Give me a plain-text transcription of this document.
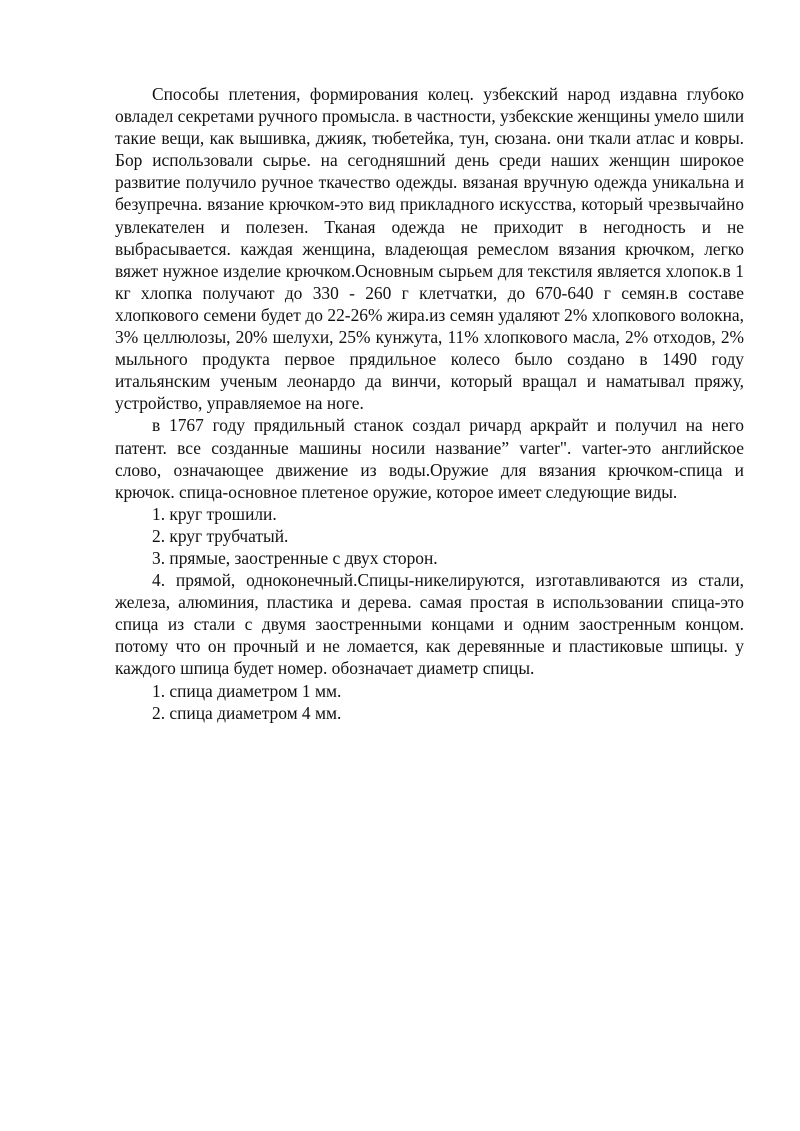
Способы плетения, формирования колец. узбекский народ издавна глубоко овладел секретами ручного промысла. в частности, узбекские женщины умело шили такие вещи, как вышивка, джияк, тюбетейка, тун, сюзана. они ткали атлас и ковры. Бор использовали сырье. на сегодняшний день среди наших женщин широкое развитие получило ручное ткачество одежды. вязаная вручную одежда уникальна и безупречна. вязание крючком-это вид прикладного искусства, который чрезвычайно увлекателен и полезен. Тканая одежда не приходит в негодность и не выбрасывается. каждая женщина, владеющая ремеслом вязания крючком, легко вяжет нужное изделие крючком.Основным сырьем для текстиля является хлопок.в 1 кг хлопка получают до 330 - 260 г клетчатки, до 670-640 г семян.в составе хлопкового семени будет до 22-26% жира.из семян удаляют 2% хлопкового волокна, 3% целлюлозы, 20% шелухи, 25% кунжута, 11% хлопкового масла, 2% отходов, 2% мыльного продукта первое прядильное колесо было создано в 1490 году итальянским ученым леонардо да винчи, который вращал и наматывал пряжу, устройство, управляемое на ноге.

в 1767 году прядильный станок создал ричард аркрайт и получил на него патент. все созданные машины носили название” varter". varter-это английское слово, означающее движение из воды.Оружие для вязания крючком-спица и крючок. спица-основное плетеное оружие, которое имеет следующие виды.

1. круг трошили.

2. круг трубчатый.

3. прямые, заостренные с двух сторон.

4. прямой, одноконечный.Спицы-никелируются, изготавливаются из стали, железа, алюминия, пластика и дерева. самая простая в использовании спица-это спица из стали с двумя заостренными концами и одним заостренным концом. потому что он прочный и не ломается, как деревянные и пластиковые шпицы. у каждого шпица будет номер. обозначает диаметр спицы.

1. спица диаметром 1 мм.

2. спица диаметром 4 мм.
